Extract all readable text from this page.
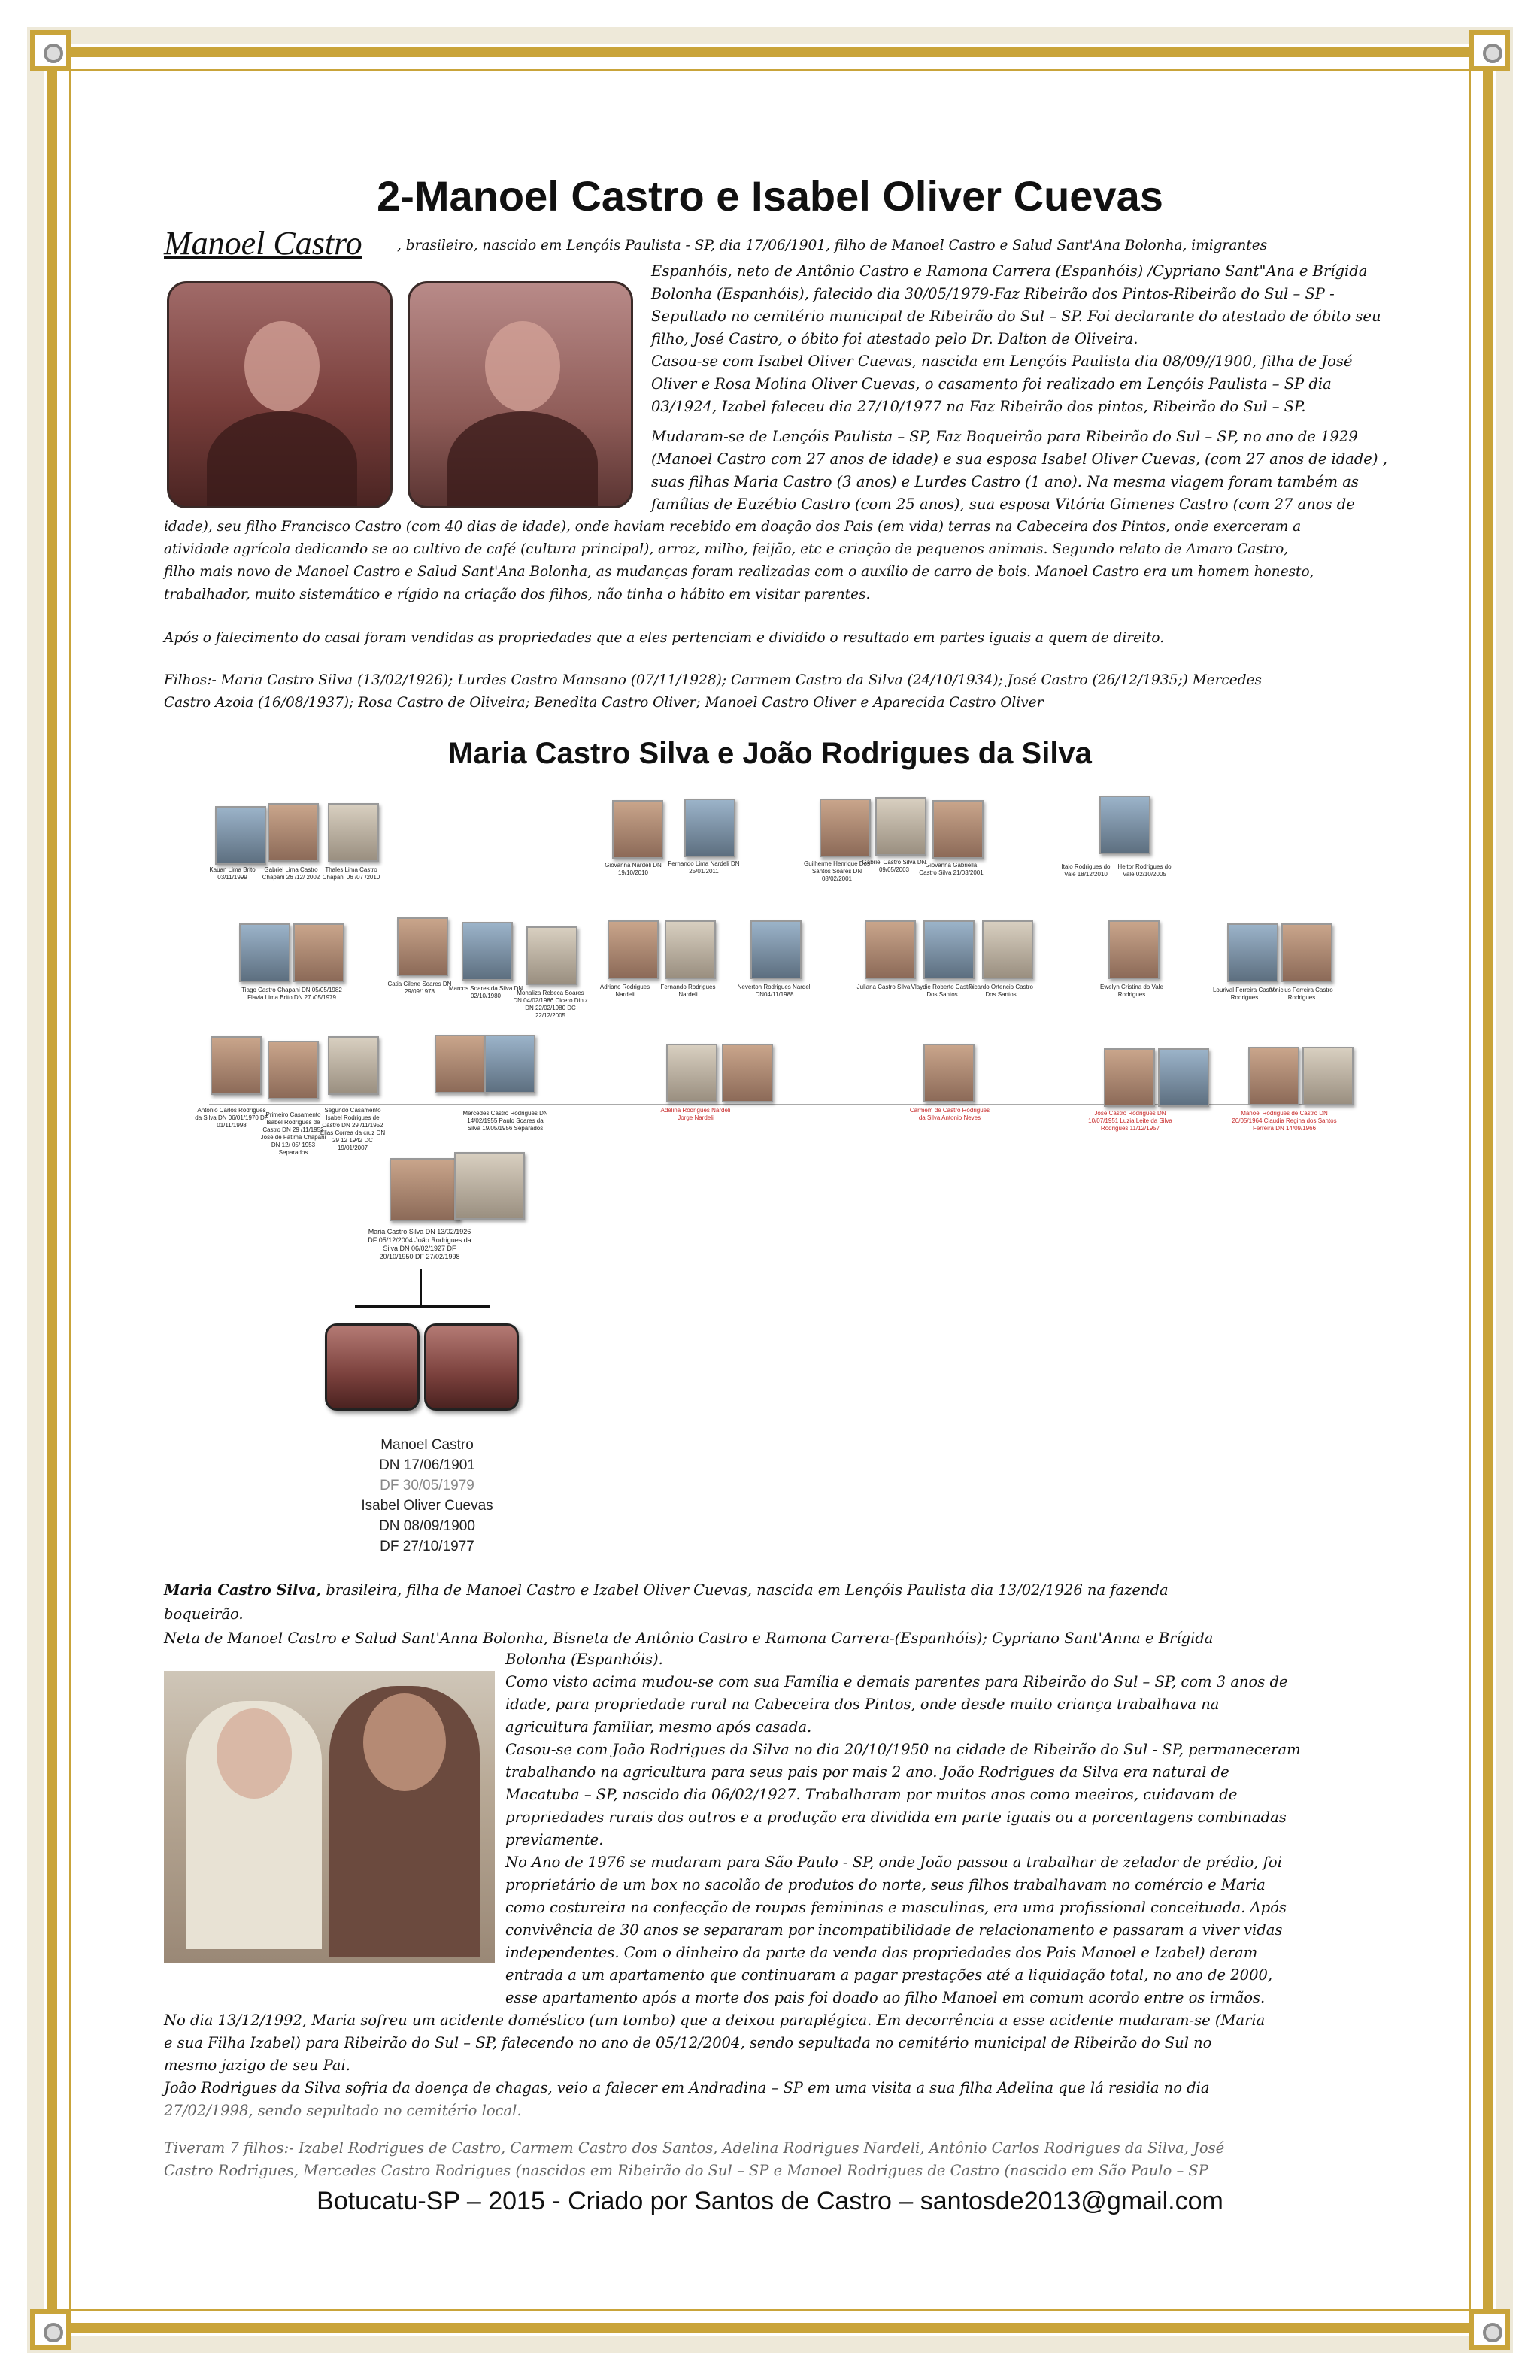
2-Manoel Castro e Isabel Oliver Cuevas
Manoel Castro	, brasileiro, nascido em Lençóis Paulista - SP, dia 17/06/1901, filho de Manoel Castro e Salud Sant'Ana Bolonha, imigrantes
Espanhóis, neto de Antônio Castro e Ramona Carrera (Espanhóis) /Cypriano Sant"Ana e Brígida
Bolonha (Espanhóis), falecido dia 30/05/1979-Faz Ribeirão dos Pintos-Ribeirão do Sul – SP -
Sepultado no cemitério municipal de Ribeirão do Sul – SP. Foi declarante do atestado de óbito seu
filho, José Castro, o óbito foi atestado pelo Dr. Dalton de Oliveira.
Casou-se com Isabel Oliver Cuevas, nascida em Lençóis Paulista dia 08/09//1900, filha de José
Oliver e Rosa Molina Oliver Cuevas, o casamento foi realizado em Lençóis Paulista – SP dia
03/1924, Izabel faleceu dia 27/10/1977 na Faz Ribeirão dos pintos, Ribeirão do Sul – SP.
Mudaram-se de Lençóis Paulista – SP, Faz Boqueirão para Ribeirão do Sul – SP, no ano de 1929
(Manoel Castro com 27 anos de idade) e sua esposa Isabel Oliver Cuevas, (com 27 anos de idade) ,
suas filhas Maria Castro (3 anos) e Lurdes Castro (1 ano). Na mesma viagem foram também as
famílias de Euzébio Castro (com 25 anos), sua esposa Vitória Gimenes Castro (com 27 anos de
idade), seu filho Francisco Castro (com 40 dias de idade), onde haviam recebido em doação dos Pais (em vida) terras na Cabeceira dos Pintos, onde exerceram a
atividade agrícola dedicando se ao cultivo de café (cultura principal), arroz, milho, feijão, etc e criação de pequenos animais. Segundo relato de Amaro Castro,
filho mais novo de Manoel Castro e Salud Sant'Ana Bolonha, as mudanças foram realizadas com o auxílio de carro de bois. Manoel Castro era um homem honesto,
trabalhador, muito sistemático e rígido na criação dos filhos, não tinha o hábito em visitar parentes.
Após o falecimento do casal foram vendidas as propriedades que a eles pertenciam e dividido o resultado em partes iguais a quem de direito.
Filhos:- Maria Castro Silva (13/02/1926); Lurdes Castro Mansano (07/11/1928); Carmem Castro da Silva (24/10/1934); José Castro (26/12/1935;) Mercedes
Castro Azoia (16/08/1937); Rosa Castro de Oliveira; Benedita Castro Oliver; Manoel Castro Oliver e Aparecida Castro Oliver
Maria Castro Silva e João Rodrigues da Silva
Kauan Lima Brito 03/11/1999
Gabriel Lima Castro Chapani 26 /12/ 2002
Thales Lima Castro Chapani 06 /07 /2010
Tiago Castro Chapani DN 05/05/1982 Flavia Lima Brito DN 27 /05/1979
Catia Cilene Soares DN 29/09/1978	Marcos Soares da Silva DN 02/10/1980	Monaliza Rebeca Soares DN 04/02/1986 Cicero Diniz DN 22/02/1980 DC 22/12/2005
Antonio Carlos Rodrigues da Silva DN 06/01/1970 DF 01/11/1998
Primeiro Casamento Isabel Rodrigues de Castro DN 29 /11/1952 Jose de Fátima Chapani DN 12/ 05/ 1953 Separados
Segundo Casamento Isabel Rodrigues de Castro DN 29 /11/1952 Elias Correa da cruz DN 29 12 1942 DC 19/01/2007
Mercedes Castro Rodrigues DN 14/02/1955 Paulo Soares da Silva 19/05/1956 Separados
Giovanna Nardeli DN 19/10/2010
Fernando Lima Nardeli DN 25/01/2011
Guilherme Henrique Dos Santos Soares DN 08/02/2001
Gabriel Castro Silva DN 09/05/2003
Giovanna Gabriella Castro Silva 21/03/2001
Italo Rodrigues do Vale 18/12/2010
Heitor Rodrigues do Vale 02/10/2005
Adriano Rodrigues Nardeli
Fernando Rodrigues Nardeli
Neverton Rodrigues Nardeli DN04/11/1988
Juliana Castro Silva Vlaydie Roberto Castro Dos Santos
Ricardo Ortencio Castro Dos Santos
Ewelyn Cristina do Vale Rodrigues
Lourival Ferreira Castro Rodrigues
Vinicius Ferreira Castro Rodrigues
Adelina Rodrigues Nardeli Jorge Nardeli
Carmem de Castro Rodrigues da Silva Antonio Neves
José Castro Rodrigues DN 10/07/1951 Luzia Leite da Silva Rodrigues 11/12/1957
Manoel Rodrigues de Castro DN 20/05/1964 Claudia Regina dos Santos Ferreira DN 14/09/1966
Maria Castro Silva DN 13/02/1926 DF 05/12/2004 João Rodrigues da Silva DN 06/02/1927 DF 20/10/1950 DF 27/02/1998
Manoel Castro
DN 17/06/1901
DF 30/05/1979
Isabel Oliver Cuevas
DN 08/09/1900
DF 27/10/1977
Maria Castro Silva, brasileira, filha de Manoel Castro e Izabel Oliver Cuevas, nascida em Lençóis Paulista dia 13/02/1926 na fazenda
boqueirão.
Neta de Manoel Castro e Salud Sant'Anna Bolonha, Bisneta de Antônio Castro e Ramona Carrera-(Espanhóis); Cypriano Sant'Anna e Brígida
Bolonha (Espanhóis).
Como visto acima mudou-se com sua Família e demais parentes para Ribeirão do Sul – SP, com 3 anos de
idade, para propriedade rural na Cabeceira dos Pintos, onde desde muito criança trabalhava na
agricultura familiar, mesmo após casada.
Casou-se com João Rodrigues da Silva no dia 20/10/1950 na cidade de Ribeirão do Sul - SP, permaneceram
trabalhando na agricultura para seus pais por mais 2 ano. João Rodrigues da Silva era natural de
Macatuba – SP, nascido dia 06/02/1927. Trabalharam por muitos anos como meeiros, cuidavam de
propriedades rurais dos outros e a produção era dividida em parte iguais ou a porcentagens combinadas
previamente.
No Ano de 1976 se mudaram para São Paulo - SP, onde João passou a trabalhar de zelador de prédio, foi
proprietário de um box no sacolão de produtos do norte, seus filhos trabalhavam no comércio e Maria
como costureira na confecção de roupas femininas e masculinas, era uma profissional conceituada. Após
convivência de 30 anos se separaram por incompatibilidade de relacionamento e passaram a viver vidas
independentes. Com o dinheiro da parte da venda das propriedades dos Pais Manoel e Izabel) deram
entrada a um apartamento que continuaram a pagar prestações até a liquidação total, no ano de 2000,
esse apartamento após a morte dos pais foi doado ao filho Manoel em comum acordo entre os irmãos.
No dia 13/12/1992, Maria sofreu um acidente doméstico (um tombo) que a deixou paraplégica. Em decorrência a esse acidente mudaram-se (Maria
e sua Filha Izabel) para Ribeirão do Sul – SP, falecendo no ano de 05/12/2004, sendo sepultada no cemitério municipal de Ribeirão do Sul no
mesmo jazigo de seu Pai.
João Rodrigues da Silva sofria da doença de chagas, veio a falecer em Andradina – SP em uma visita a sua filha Adelina que lá residia no dia
27/02/1998, sendo sepultado no cemitério local.
Tiveram 7 filhos:- Izabel Rodrigues de Castro, Carmem Castro dos Santos, Adelina Rodrigues Nardeli, Antônio Carlos Rodrigues da Silva, José
Castro Rodrigues, Mercedes Castro Rodrigues (nascidos em Ribeirão do Sul – SP e Manoel Rodrigues de Castro (nascido em São Paulo – SP
Botucatu-SP – 2015 - Criado por Santos de Castro – santosde2013@gmail.com
